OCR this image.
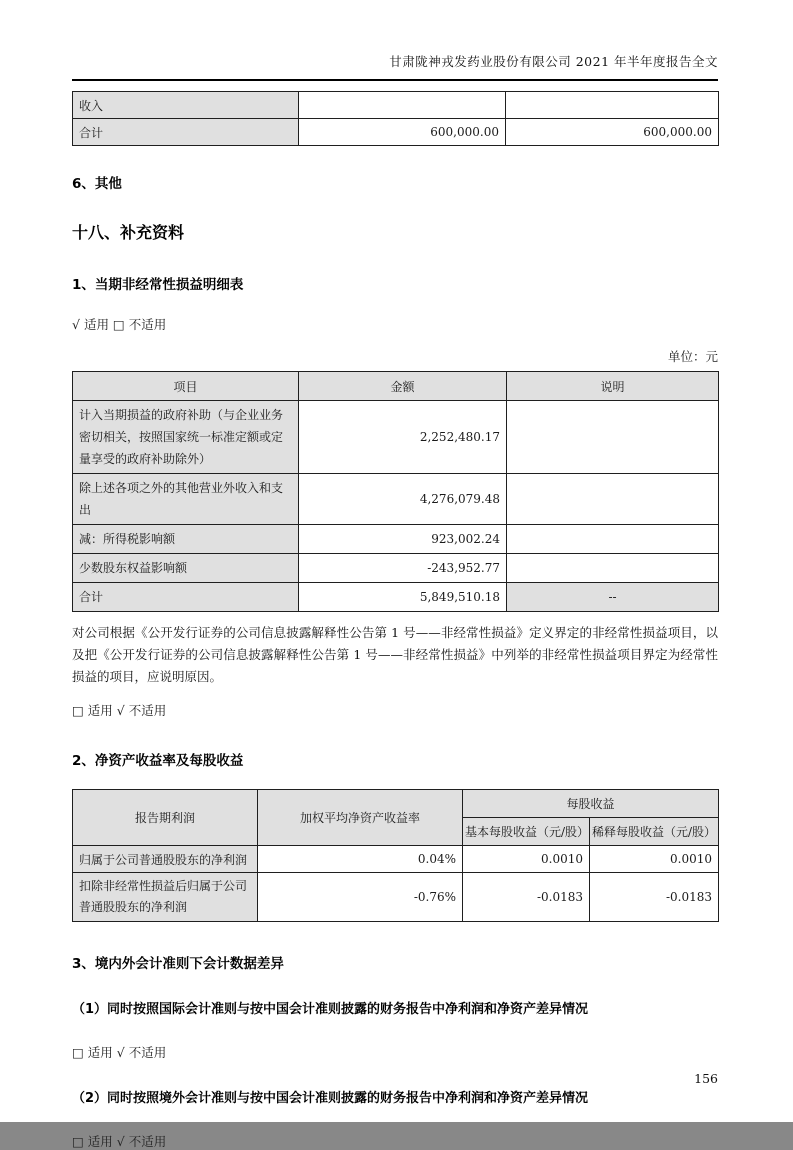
甘肃陇神戎发药业股份有限公司 2021 年半年度报告全文
收入		
合计	600,000.00	600,000.00
6、其他
十八、补充资料
1、当期非经常性损益明细表
√ 适用 □ 不适用
单位：元
项目	金额	说明
计入当期损益的政府补助（与企业业务密切相关，按照国家统一标准定额或定量享受的政府补助除外）	2,252,480.17	
除上述各项之外的其他营业外收入和支出	4,276,079.48	
减：所得税影响额	923,002.24	
少数股东权益影响额	-243,952.77	
合计	5,849,510.18	--

对公司根据《公开发行证券的公司信息披露解释性公告第 1 号——非经常性损益》定义界定的非经常性损益项目，以及把《公开发行证券的公司信息披露解释性公告第 1 号——非经常性损益》中列举的非经常性损益项目界定为经常性损益的项目，应说明原因。

□ 适用 √ 不适用
2、净资产收益率及每股收益
报告期利润	加权平均净资产收益率	每股收益	
		基本每股收益（元/股）	稀释每股收益（元/股）
归属于公司普通股股东的净利润	0.04%	0.0010	0.0010
扣除非经常性损益后归属于公司普通股股东的净利润	-0.76%	-0.0183	-0.0183
3、境内外会计准则下会计数据差异
（1）同时按照国际会计准则与按中国会计准则披露的财务报告中净利润和净资产差异情况
□ 适用 √ 不适用
（2）同时按照境外会计准则与按中国会计准则披露的财务报告中净利润和净资产差异情况
□ 适用 √ 不适用
156
